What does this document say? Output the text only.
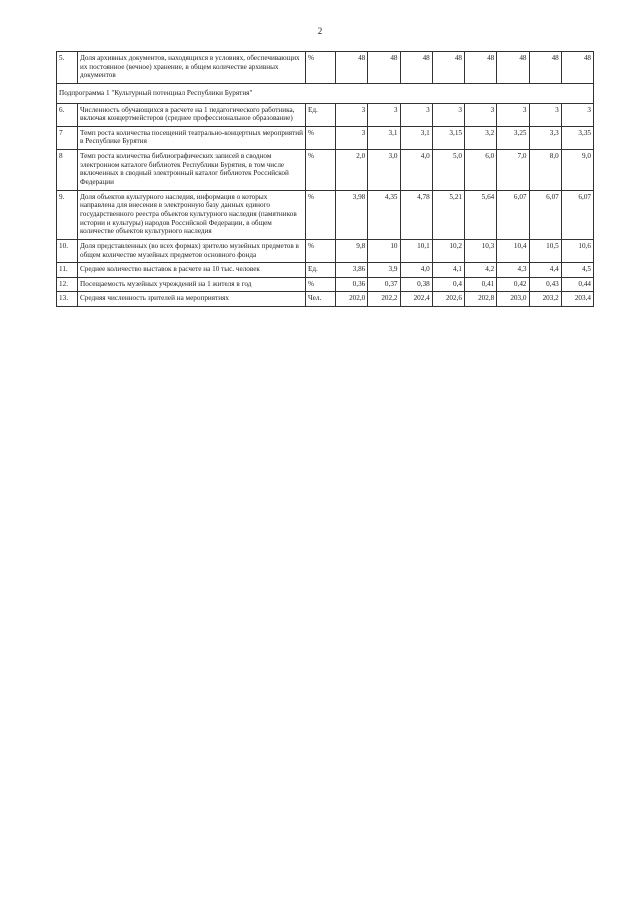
2
5.	Доля архивных документов, находящихся в условиях, обеспечивающих их постоянное (вечное) хранение, в общем количестве архивных документов	%	48	48	48	48	48	48	48	48
Подпрограмма 1 "Культурный потенциал Республики Бурятия"										
6.	Численность обучающихся в расчете на 1 педагогического работника, включая концертмейстеров (среднее профессиональное образование)	Ед.	3	3	3	3	3	3	3	3
7	Темп роста количества посещений театрально-концертных мероприятий в Республике Бурятия	%	3	3,1	3,1	3,15	3,2	3,25	3,3	3,35
8	Темп роста количества библиографических записей в сводном электронном каталоге библиотек Республики Бурятия, в том числе включенных в сводный электронный каталог библиотек Российской Федерации	%	2,0	3,0	4,0	5,0	6,0	7,0	8,0	9,0
9.	Доля объектов культурного наследия, информация о которых направлена для внесения в электронную базу данных единого государственного реестра объектов культурного наследия (памятников истории и культуры) народов Российской Федерации, в общем количестве объектов культурного наследия	%	3,98	4,35	4,78	5,21	5,64	6,07	6,07	6,07
10.	Доля представленных (во всех формах) зрителю музейных предметов в общем количестве музейных предметов основного фонда	%	9,8	10	10,1	10,2	10,3	10,4	10,5	10,6
11.	Среднее количество выставок в расчете на 10 тыс. человек	Ед.	3,86	3,9	4,0	4,1	4,2	4,3	4,4	4,5
12.	Посещаемость музейных учреждений на 1 жителя в год	%	0,36	0,37	0,38	0,4	0,41	0,42	0,43	0,44
13.	Средняя численность зрителей на мероприятиях	Чел.	202,0	202,2	202,4	202,6	202,8	203,0	203,2	203,4
